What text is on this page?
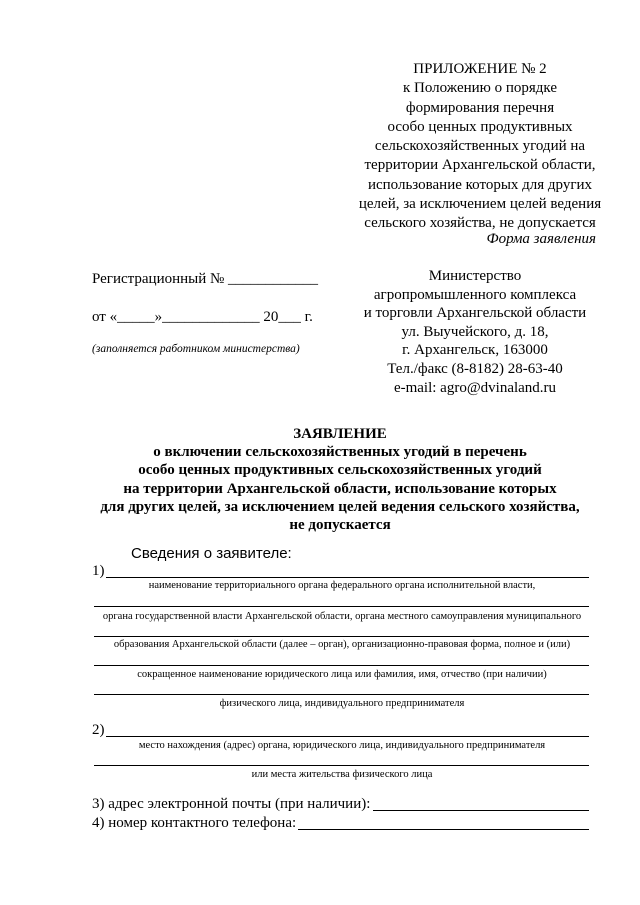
ПРИЛОЖЕНИЕ № 2
к Положению о порядке
формирования перечня
особо ценных продуктивных
сельскохозяйственных угодий на
территории Архангельской области,
использование которых для других
целей, за исключением целей ведения
сельского хозяйства, не допускается
Форма заявления
Регистрационный № ____________
от «_____»_____________ 20___ г.
(заполняется работником министерства)
Министерство
агропромышленного комплекса
и торговли Архангельской области
ул. Выучейского, д. 18,
г. Архангельск, 163000
Тел./факс (8-8182) 28-63-40
e-mail: agro@dvinaland.ru
ЗАЯВЛЕНИЕ
о включении сельскохозяйственных угодий в перечень
особо ценных продуктивных сельскохозяйственных угодий
на территории Архангельской области, использование которых
для других целей, за исключением целей ведения сельского хозяйства,
не допускается
Сведения о заявителе:
1)
наименование территориального органа федерального органа исполнительной власти,
органа государственной власти Архангельской области, органа местного самоуправления муниципального
образования Архангельской области (далее – орган), организационно-правовая форма, полное и (или)
сокращенное наименование юридического лица или фамилия, имя, отчество (при наличии)
физического лица, индивидуального предпринимателя
2)
место нахождения (адрес) органа, юридического лица, индивидуального предпринимателя
или места жительства физического лица
3) адрес электронной почты (при наличии):
4) номер контактного телефона:
